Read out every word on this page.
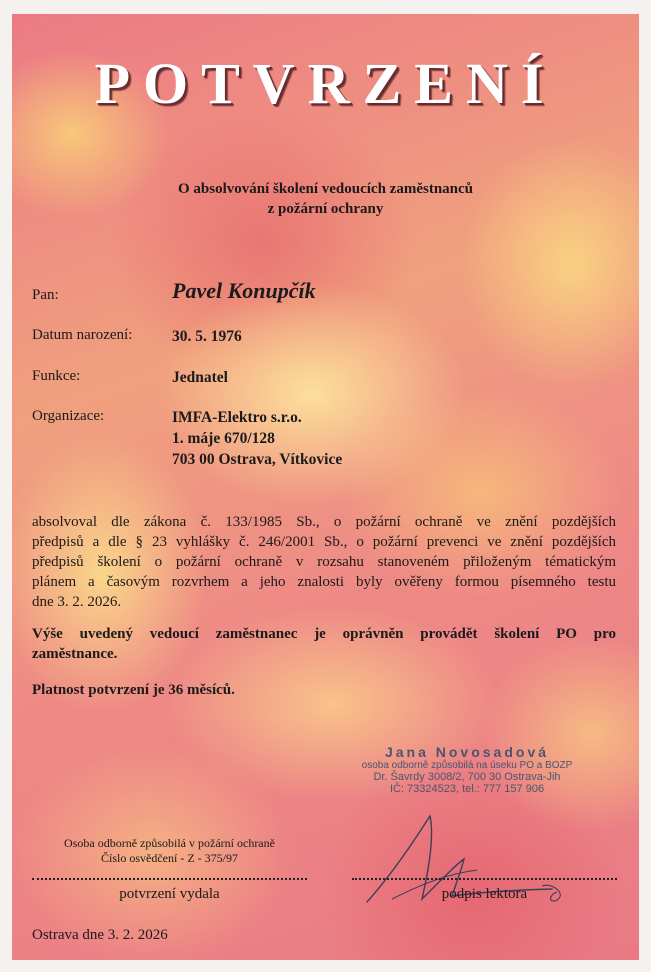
POTVRZENÍ
O absolvování školení vedoucích zaměstnanců
z požární ochrany
Pan:	Pavel Konupčík
Datum narození:	30. 5. 1976
Funkce:	Jednatel
Organizace:	IMFA-Elektro s.r.o.
1. máje 670/128
703 00 Ostrava, Vítkovice
absolvoval dle zákona č. 133/1985 Sb., o požární ochraně ve znění pozdějších
předpisů a dle § 23 vyhlášky č. 246/2001 Sb., o požární prevenci ve znění pozdějších
předpisů školení o požární ochraně v rozsahu stanoveném přiloženým tématickým
plánem a časovým rozvrhem a jeho znalosti byly ověřeny formou písemného testu
dne 3. 2. 2026.
Výše uvedený vedoucí zaměstnanec je oprávněn provádět školení PO pro
zaměstnance.
Platnost potvrzení je 36 měsíců.
Jana Novosadová
osoba odborně způsobilá na úseku PO a BOZP
Dr. Šavrdy 3008/2, 700 30 Ostrava-Jih
IČ: 73324523, tel.: 777 157 906
Osoba odborně způsobilá v požární ochraně
Číslo osvědčení - Z - 375/97
potvrzení vydala	podpis lektora
Ostrava dne 3. 2. 2026
